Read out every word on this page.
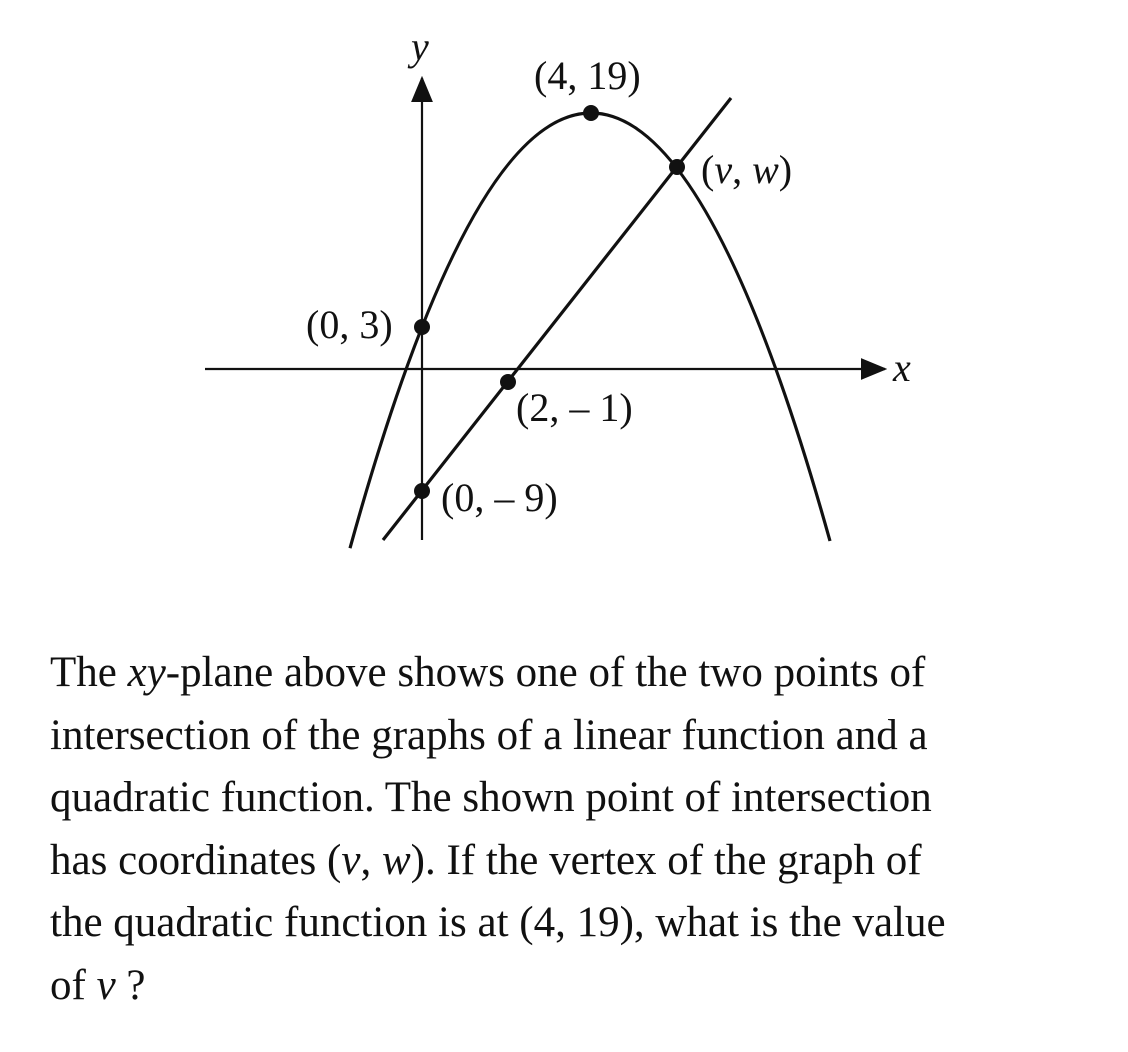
x
y
(4, 19)
(v, w)
(0, 3)
(2, – 1)
(0, – 9)
The xy-plane above shows one of the two points of
intersection of the graphs of a linear function and a
quadratic function. The shown point of intersection
has coordinates (v, w). If the vertex of the graph of
the quadratic function is at (4, 19), what is the value
of v ?
